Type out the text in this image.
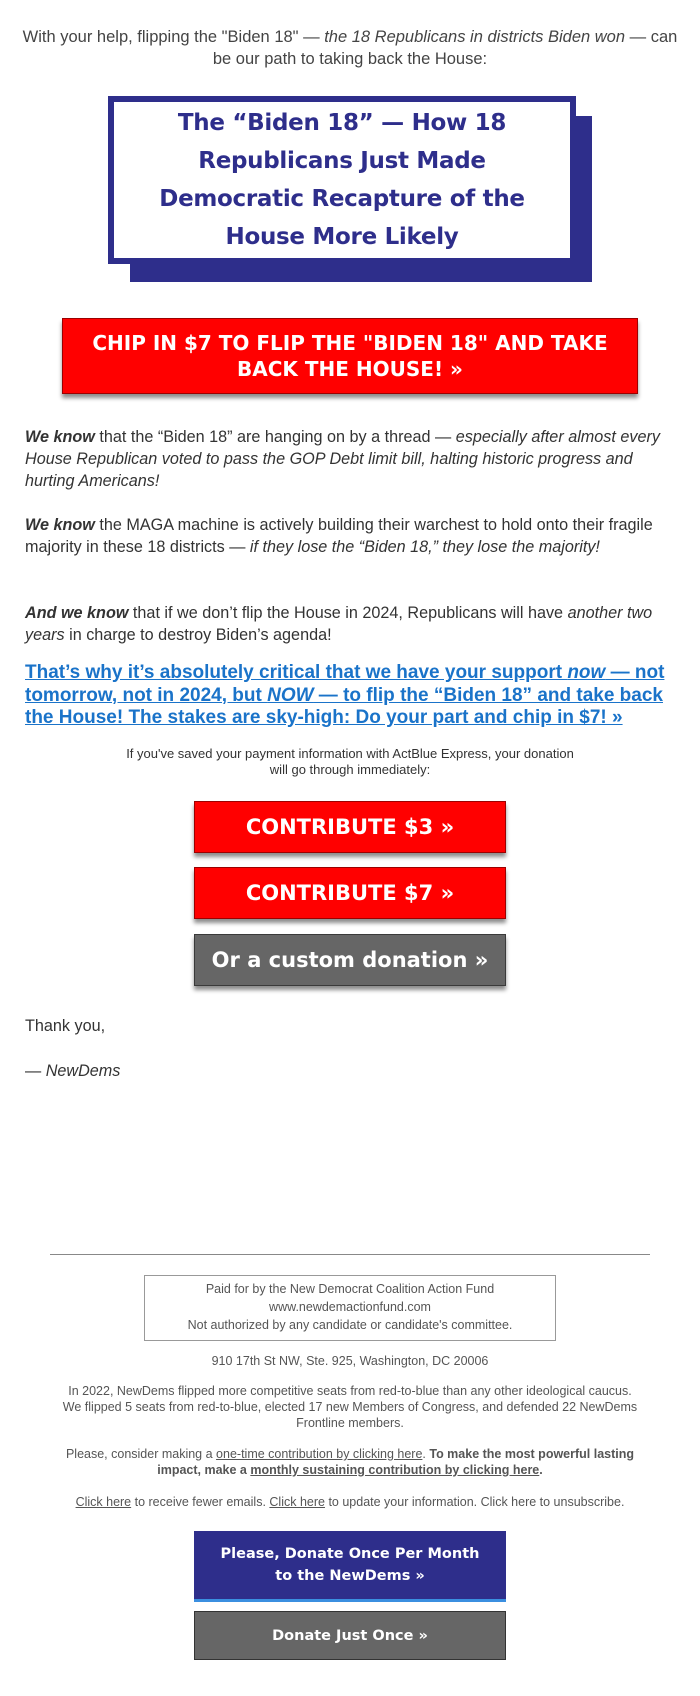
With your help, flipping the "Biden 18" — the 18 Republicans in districts Biden won — can be our path to taking back the House:

The “Biden 18” — How 18 Republicans Just Made Democratic Recapture of the House More Likely
CHIP IN $7 TO FLIP THE "BIDEN 18" AND TAKE BACK THE HOUSE! »

We know that the “Biden 18” are hanging on by a thread — especially after almost every House Republican voted to pass the GOP Debt limit bill, halting historic progress and hurting Americans!

We know the MAGA machine is actively building their warchest to hold onto their fragile majority in these 18 districts — if they lose the “Biden 18,” they lose the majority!

And we know that if we don’t flip the House in 2024, Republicans will have another two years in charge to destroy Biden’s agenda!

That’s why it’s absolutely critical that we have your support now — not tomorrow, not in 2024, but NOW — to flip the “Biden 18” and take back the House! The stakes are sky-high: Do your part and chip in $7! »

If you've saved your payment information with ActBlue Express, your donation will go through immediately:

CONTRIBUTE $3 »
CONTRIBUTE $7 »
Or a custom donation »

Thank you,

— NewDems

Paid for by the New Democrat Coalition Action Fund
www.newdemactionfund.com
Not authorized by any candidate or candidate's committee.

910 17th St NW, Ste. 925, Washington, DC 20006

In 2022, NewDems flipped more competitive seats from red-to-blue than any other ideological caucus. We flipped 5 seats from red-to-blue, elected 17 new Members of Congress, and defended 22 NewDems Frontline members.

Please, consider making a one-time contribution by clicking here. To make the most powerful lasting impact, make a monthly sustaining contribution by clicking here.

Click here to receive fewer emails. Click here to update your information. Click here to unsubscribe.

Please, Donate Once Per Month to the NewDems »
Donate Just Once »
